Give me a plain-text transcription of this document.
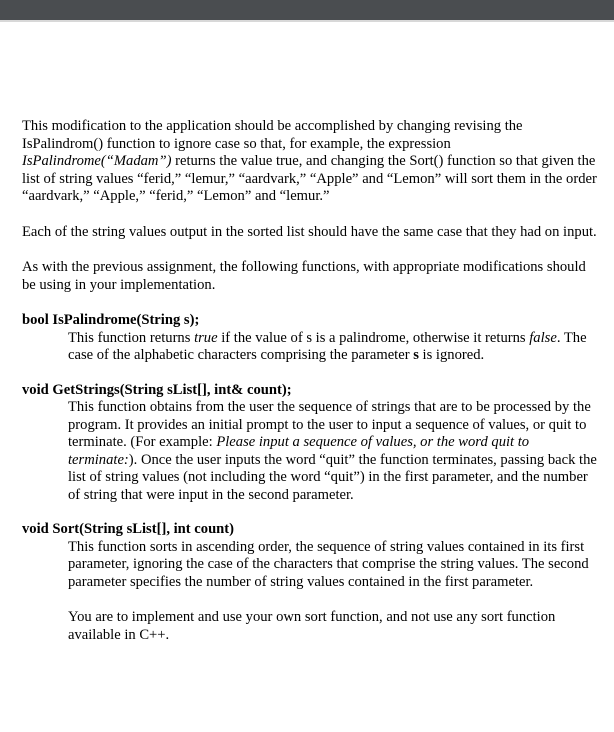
This modification to the application should be accomplished by changing revising the IsPalindrom() function to ignore case so that, for example, the expression IsPalindrome(“Madam”) returns the value true, and changing the Sort() function so that given the list of string values “ferid,” “lemur,” “aardvark,” “Apple” and “Lemon” will sort them in the order “aardvark,” “Apple,” “ferid,” “Lemon” and “lemur.”

Each of the string values output in the sorted list should have the same case that they had on input.

As with the previous assignment, the following functions, with appropriate modifications should be using in your implementation.

bool IsPalindrome(String s);

This function returns true if the value of s is a palindrome, otherwise it returns false. The case of the alphabetic characters comprising the parameter s is ignored.

void GetStrings(String sList[], int& count);

This function obtains from the user the sequence of strings that are to be processed by the program. It provides an initial prompt to the user to input a sequence of values, or quit to terminate. (For example: Please input a sequence of values, or the word quit to terminate:). Once the user inputs the word “quit” the function terminates, passing back the list of string values (not including the word “quit”) in the first parameter, and the number of string that were input in the second parameter.

void Sort(String sList[], int count)

This function sorts in ascending order, the sequence of string values contained in its first parameter, ignoring the case of the characters that comprise the string values. The second parameter specifies the number of string values contained in the first parameter.

You are to implement and use your own sort function, and not use any sort function available in C++.
